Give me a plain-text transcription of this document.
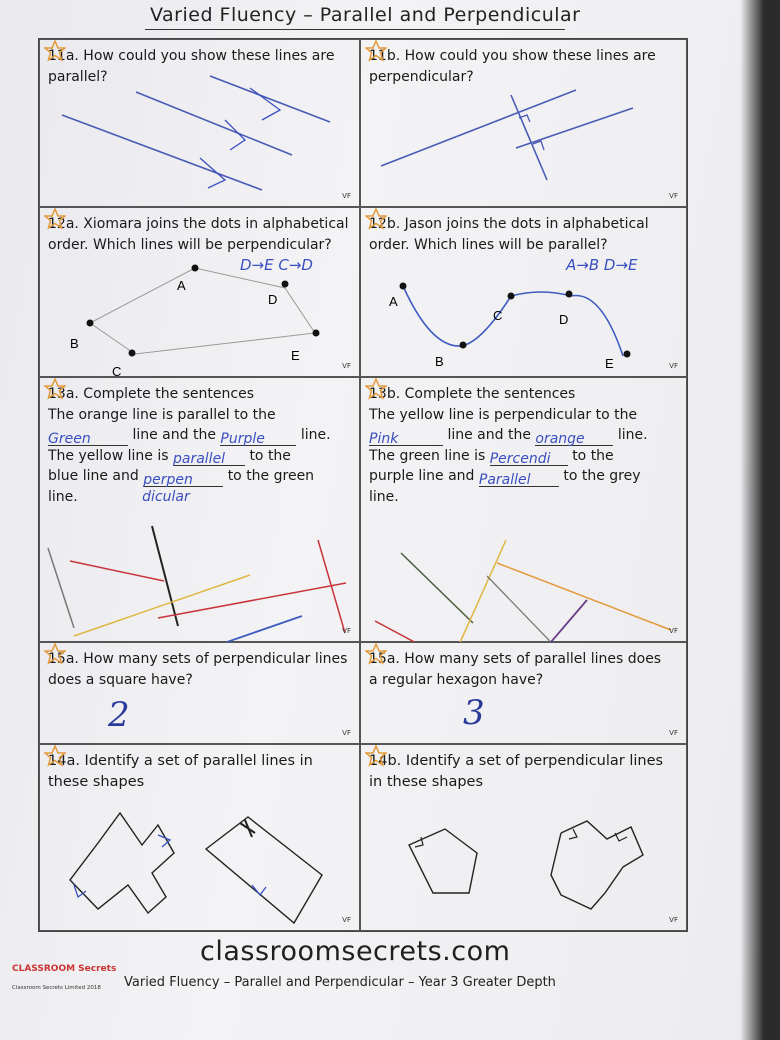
Varied Fluency – Parallel and Perpendicular
11a. How could you show these lines are parallel?
VF
11b. How could you show these lines are perpendicular?
VF
12a. Xiomara joins the dots in alphabetical order. Which lines will be perpendicular?
A
B
C
D
E
D→E C→D
VF
12b. Jason joins the dots in alphabetical order. Which lines will be parallel?
A
B
C	D
E
A→B D→E
VF
13a. Complete the sentences
The orange line is parallel to the
Green	line and the Purple	line.
The yellow line is parallel to the
blue line and perpen to the green
line.	dicular
VF
13b. Complete the sentences
The yellow line is perpendicular to the
Pink	line and the orange line.
The green line is Percendi to the
purple line and Parallel to the grey
line.
VF
15a. How many sets of perpendicular lines does a square have?
2	VF
15a. How many sets of parallel lines does a regular hexagon have?
3	VF
14a. Identify a set of parallel lines in these shapes
VF
14b. Identify a set of perpendicular lines in these shapes
VF
classroomsecrets.com
CLASSROOM Secrets
Classroom Secrets Limited 2018 Varied Fluency – Parallel and Perpendicular – Year 3 Greater Depth
